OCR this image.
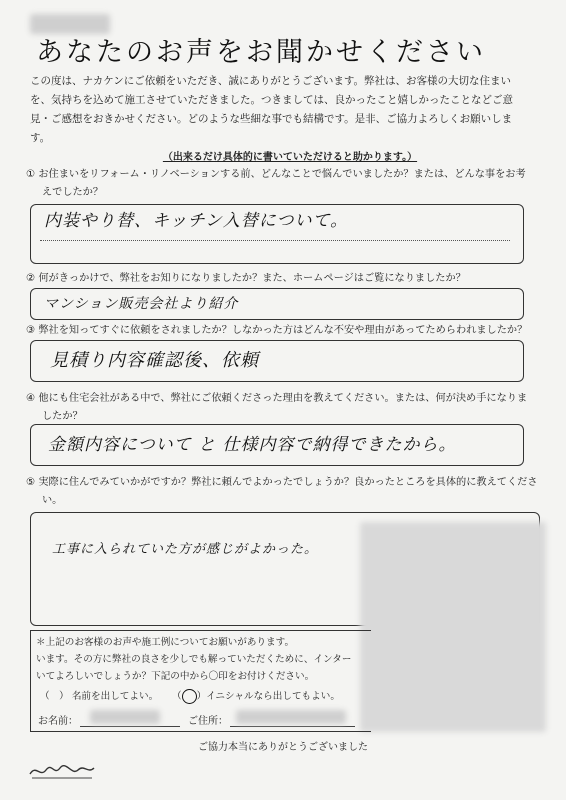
あなたのお声をお聞かせください
この度は、ナカケンにご依頼をいただき、誠にありがとうございます。弊社は、お客様の大切な住まい
を、気持ちを込めて施工させていただきました。つきましては、良かったこと嬉しかったことなどご意
見・ご感想をおきかせください。どのような些細な事でも結構です。是非、ご協力よろしくお願いしま
す。
（出来るだけ具体的に書いていただけると助かります。）
① お住まいをリフォーム・リノベーションする前、どんなことで悩んでいましたか？または、どんな事をお考
えでしたか？
内装やり替、キッチン入替について。
② 何がきっかけで、弊社をお知りになりましたか？また、ホームページはご覧になりましたか？
マンション販売会社より紹介
③ 弊社を知ってすぐに依頼をされましたか？しなかった方はどんな不安や理由があってためらわれましたか？
見積り内容確認後、依頼
④ 他にも住宅会社がある中で、弊社にご依頼くださった理由を教えてください。または、何が決め手になりま
したか？
金額内容について と 仕様内容で納得できたから。
⑤ 実際に住んでみていかがですか？弊社に頼んでよかったでしょうか？良かったところを具体的に教えてくださ
い。
工事に入られていた方が感じがよかった。
＊上記のお客様のお声や施工例についてお願いがあります。
います。その方に弊社の良さを少しでも解っていただくために、インター
いてよろしいでしょうか？下記の中から〇印をお付けください。
（　） 名前を出してよい。 （ ）イニシャルなら出してもよい。
お名前：	ご住所：
ご協力本当にありがとうございました
